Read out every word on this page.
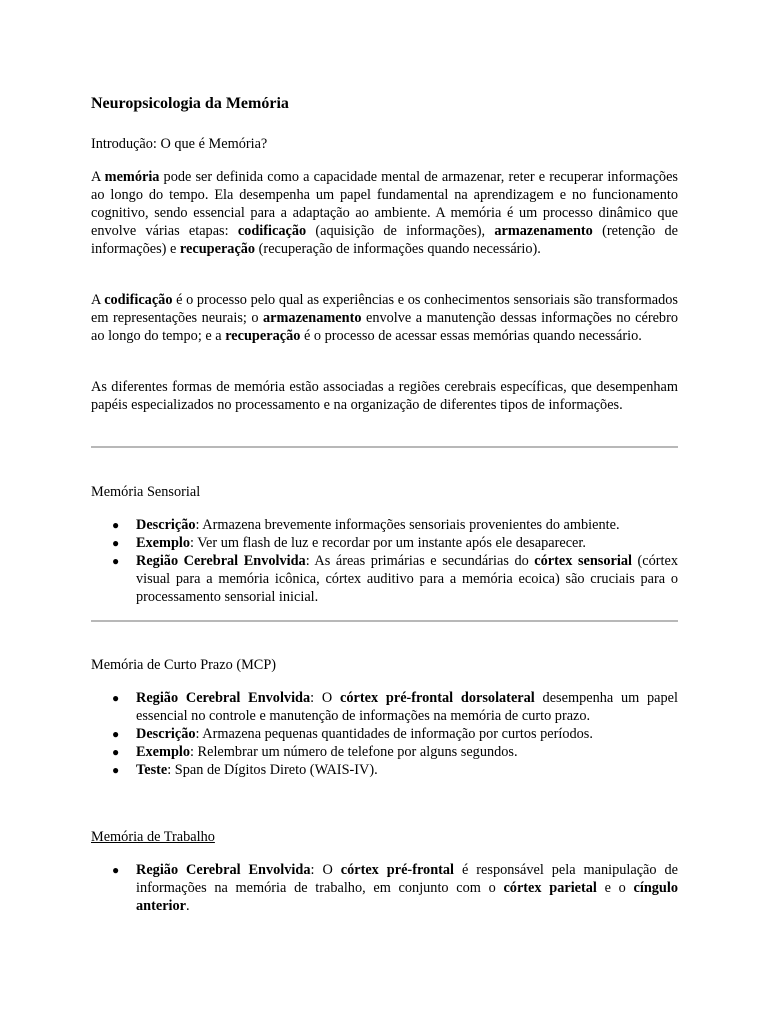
Neuropsicologia da Memória

Introdução: O que é Memória?

A memória pode ser definida como a capacidade mental de armazenar, reter e recuperar informações ao longo do tempo. Ela desempenha um papel fundamental na aprendizagem e no funcionamento cognitivo, sendo essencial para a adaptação ao ambiente. A memória é um processo dinâmico que envolve várias etapas: codificação (aquisição de informações), armazenamento (retenção de informações) e recuperação (recuperação de informações quando necessário).

A codificação é o processo pelo qual as experiências e os conhecimentos sensoriais são transformados em representações neurais; o armazenamento envolve a manutenção dessas informações no cérebro ao longo do tempo; e a recuperação é o processo de acessar essas memórias quando necessário.

As diferentes formas de memória estão associadas a regiões cerebrais específicas, que desempenham papéis especializados no processamento e na organização de diferentes tipos de informações.

Memória Sensorial

● Descrição: Armazena brevemente informações sensoriais provenientes do ambiente.
● Exemplo: Ver um flash de luz e recordar por um instante após ele desaparecer.
● Região Cerebral Envolvida: As áreas primárias e secundárias do córtex sensorial (córtex visual para a memória icônica, córtex auditivo para a memória ecoica) são cruciais para o processamento sensorial inicial.

Memória de Curto Prazo (MCP)

● Região Cerebral Envolvida: O córtex pré-frontal dorsolateral desempenha um papel essencial no controle e manutenção de informações na memória de curto prazo.
● Descrição: Armazena pequenas quantidades de informação por curtos períodos.
● Exemplo: Relembrar um número de telefone por alguns segundos.
● Teste: Span de Dígitos Direto (WAIS-IV).

Memória de Trabalho

● Região Cerebral Envolvida: O córtex pré-frontal é responsável pela manipulação de informações na memória de trabalho, em conjunto com o córtex parietal e o cíngulo anterior.
